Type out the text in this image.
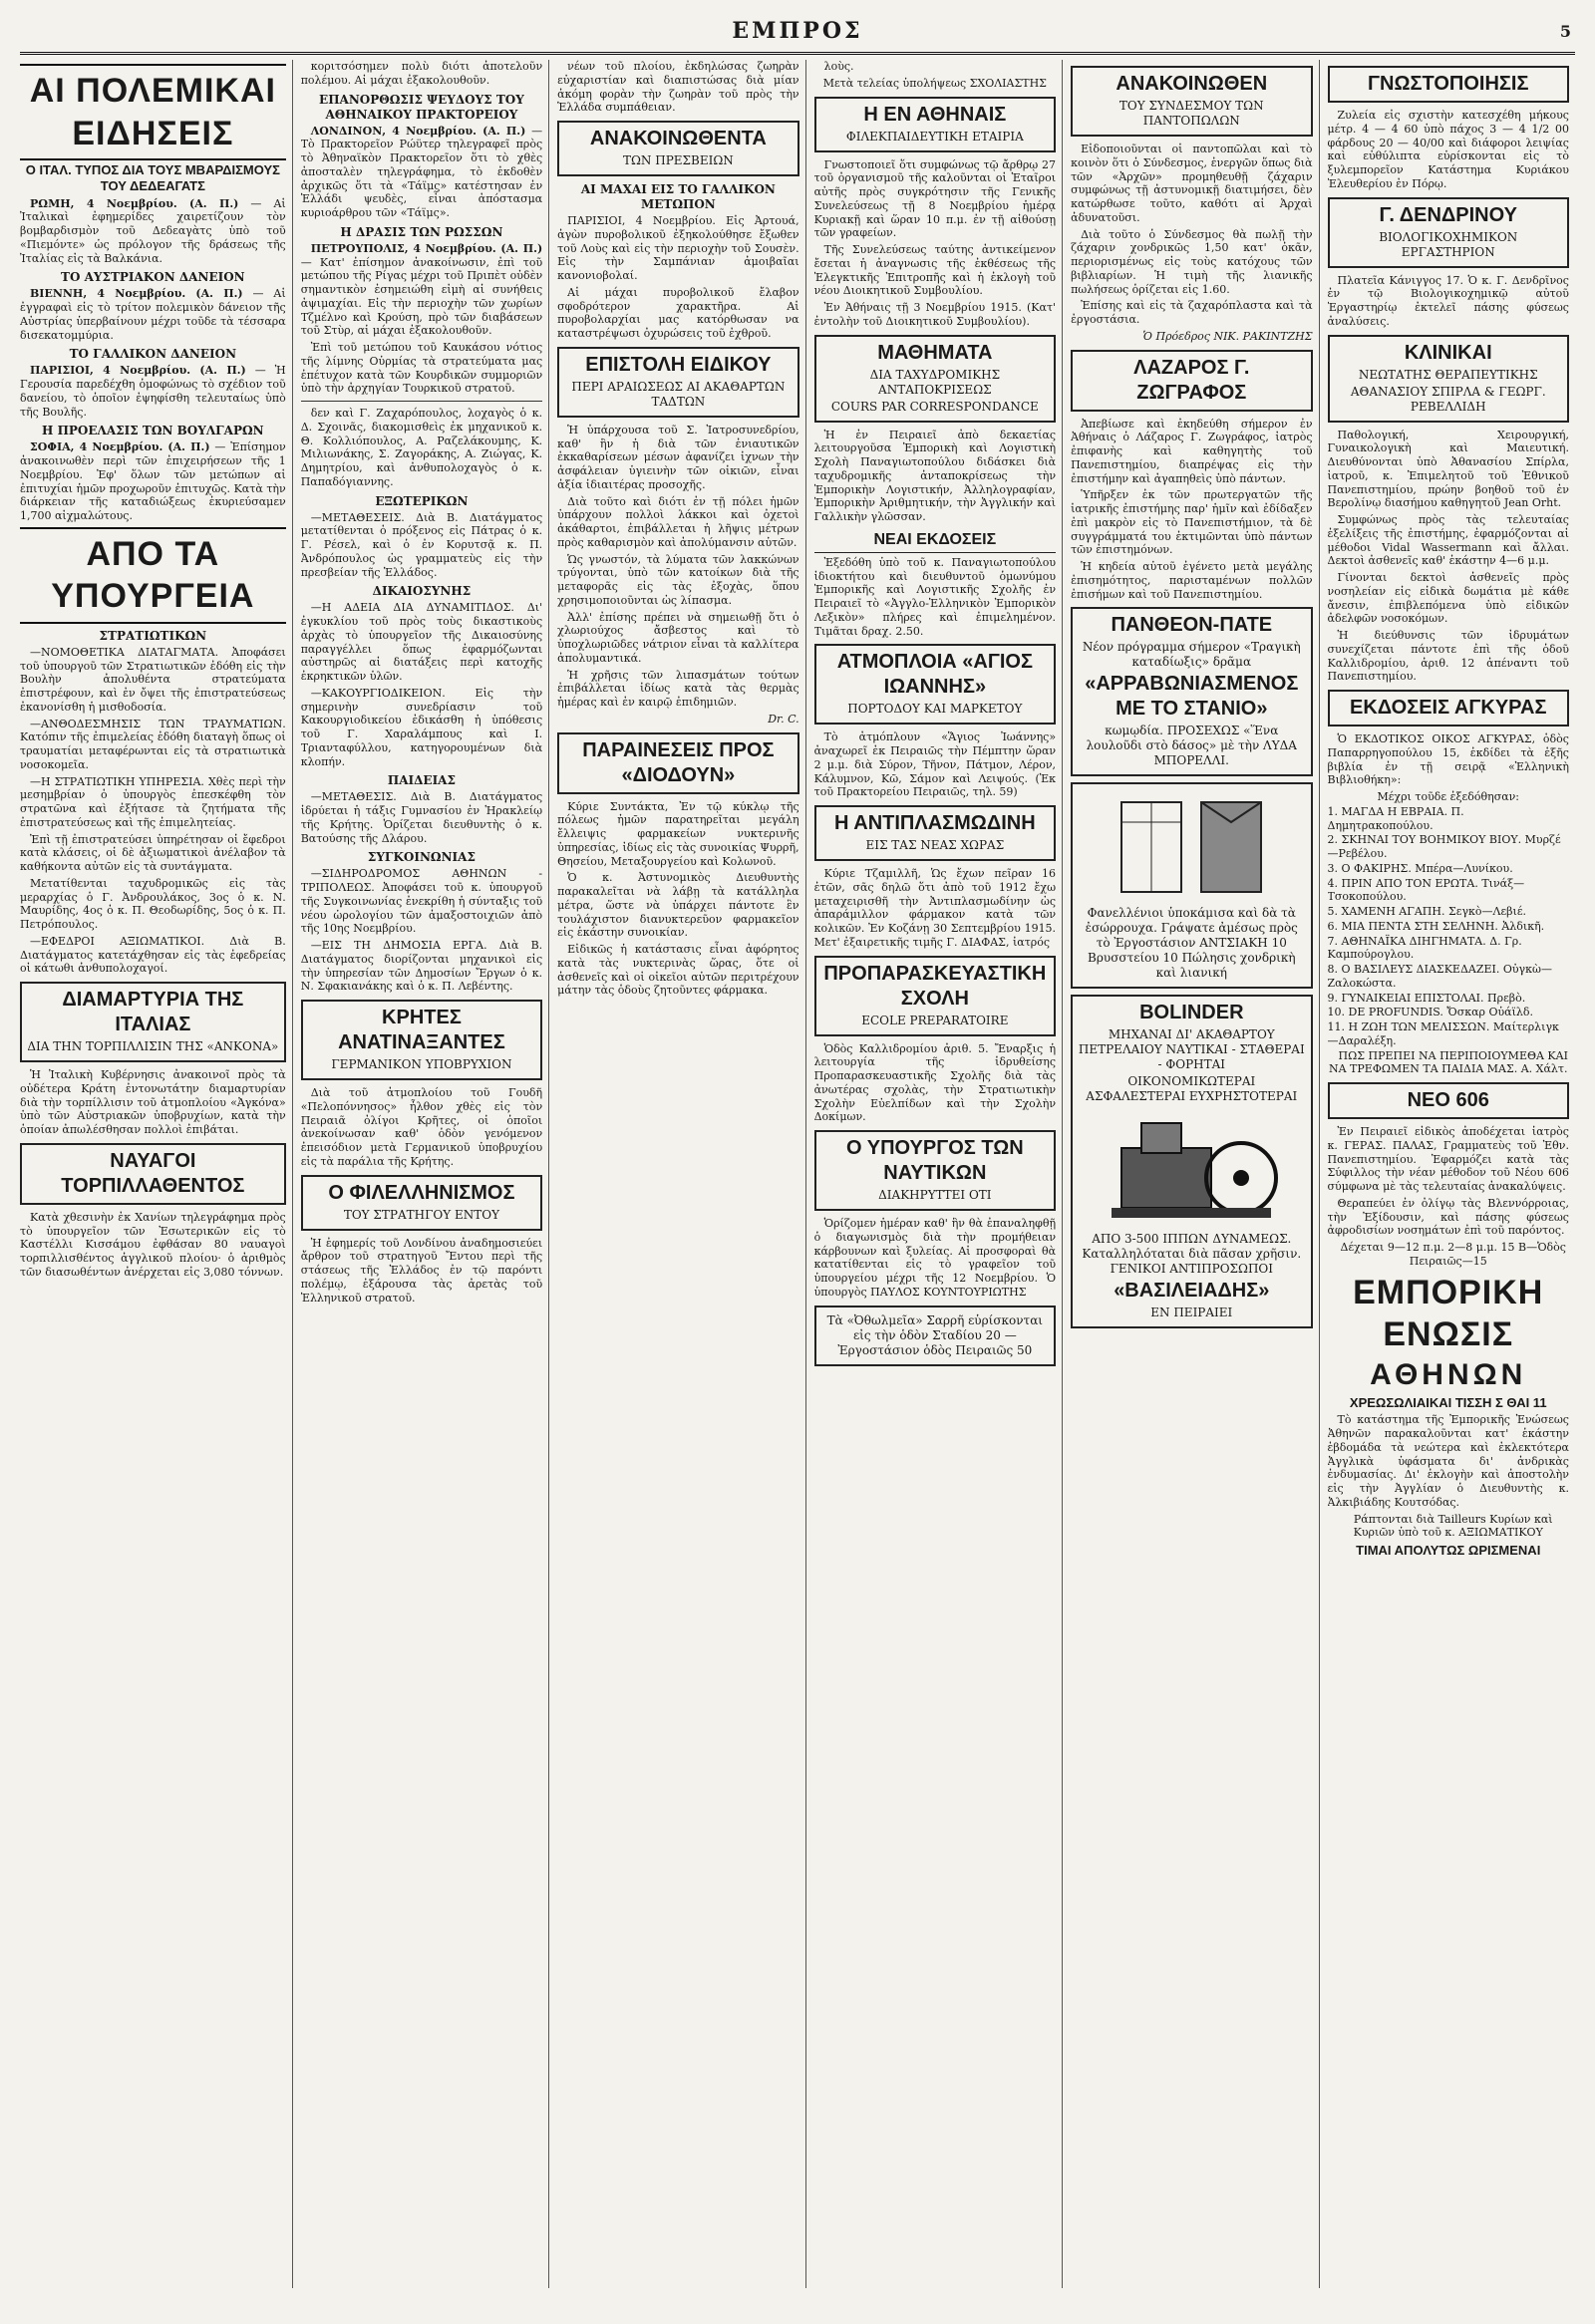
ΕΜΠΡΟΣ	5
ΑΙ ΠΟΛΕΜΙΚΑΙ ΕΙΔΗΣΕΙΣ
Ο ΙΤΑΛ. ΤΥΠΟΣ ΔΙΑ ΤΟΥΣ ΜΒΑΡΔΙΣΜΟΥΣ ΤΟΥ ΔΕΔΕΑΓΑΤΣ

ΡΩΜΗ, 4 Νοεμβρίου. (Α. Π.) — Αἱ Ἰταλικαὶ ἐφημερίδες χαιρετίζουν τὸν βομβαρδισμὸν τοῦ Δεδεαγὰτς ὑπὸ τοῦ «Πιεμόντε» ὡς πρόλογον τῆς δράσεως τῆς Ἰταλίας εἰς τὰ Βαλκάνια.

ΤΟ ΑΥΣΤΡΙΑΚΟΝ ΔΑΝΕΙΟΝ

ΒΙΕΝΝΗ, 4 Νοεμβρίου. (Α. Π.) — Αἱ ἐγγραφαὶ εἰς τὸ τρίτον πολεμικὸν δάνειον τῆς Αὐστρίας ὑπερβαίνουν μέχρι τοῦδε τὰ τέσσαρα δισεκατομμύρια.

ΤΟ ΓΑΛΛΙΚΟΝ ΔΑΝΕΙΟΝ

ΠΑΡΙΣΙΟΙ, 4 Νοεμβρίου. (Α. Π.) — Ἡ Γερουσία παρεδέχθη ὁμοφώνως τὸ σχέδιον τοῦ δανείου, τὸ ὁποῖον ἐψηφίσθη τελευταίως ὑπὸ τῆς Βουλῆς.

Η ΠΡΟΕΛΑΣΙΣ ΤΩΝ ΒΟΥΛΓΑΡΩΝ

ΣΟΦΙΑ, 4 Νοεμβρίου. (Α. Π.) — Ἐπίσημον ἀνακοινωθὲν περὶ τῶν ἐπιχειρήσεων τῆς 1 Νοεμβρίου. Ἐφ' ὅλων τῶν μετώπων αἱ ἐπιτυχίαι ἡμῶν προχωροῦν ἐπιτυχῶς. Κατὰ τὴν διάρκειαν τῆς καταδιώξεως ἐκυριεύσαμεν 1,700 αἰχμαλώτους.

ΑΠΟ ΤΑ ΥΠΟΥΡΓΕΙΑ
ΣΤΡΑΤΙΩΤΙΚΩΝ

—ΝΟΜΟΘΕΤΙΚΑ ΔΙΑΤΑΓΜΑΤΑ. Ἀποφάσει τοῦ ὑπουργοῦ τῶν Στρατιωτικῶν ἐδόθη εἰς τὴν Βουλὴν ἀπολυθέντα στρατεύματα ἐπιστρέφουν, καὶ ἐν ὄψει τῆς ἐπιστρατεύσεως ἐκανονίσθη ἡ μισθοδοσία.

—ΑΝΘΟΔΕΣΜΗΣΙΣ ΤΩΝ ΤΡΑΥΜΑΤΙΩΝ. Κατόπιν τῆς ἐπιμελείας ἐδόθη διαταγὴ ὅπως οἱ τραυματίαι μεταφέρωνται εἰς τὰ στρατιωτικὰ νοσοκομεῖα.

—Η ΣΤΡΑΤΙΩΤΙΚΗ ΥΠΗΡΕΣΙΑ. Χθὲς περὶ τὴν μεσημβρίαν ὁ ὑπουργὸς ἐπεσκέφθη τὸν στρατῶνα καὶ ἐξήτασε τὰ ζητήματα τῆς ἐπιστρατεύσεως καὶ τῆς ἐπιμελητείας.

Ἐπὶ τῇ ἐπιστρατεύσει ὑπηρέτησαν οἱ ἔφεδροι κατὰ κλάσεις, οἱ δὲ ἀξιωματικοὶ ἀνέλαβον τὰ καθήκοντα αὐτῶν εἰς τὰ συντάγματα.

Μετατίθενται ταχυδρομικῶς εἰς τὰς μεραρχίας ὁ Γ. Ἀνδρουλάκος, 3ος ὁ κ. Ν. Μαυρίδης, 4ος ὁ κ. Π. Θεοδωρίδης, 5ος ὁ κ. Π. Πετρόπουλος.

—ΕΦΕΔΡΟΙ ΑΞΙΩΜΑΤΙΚΟΙ. Διὰ Β. Διατάγματος κατετάχθησαν εἰς τὰς ἐφεδρείας οἱ κάτωθι ἀνθυπολοχαγοί.

ΔΙΑΜΑΡΤΥΡΙΑ ΤΗΣ ΙΤΑΛΙΑΣ
ΔΙΑ ΤΗΝ ΤΟΡΠΙΛΛΙΣΙΝ ΤΗΣ «ΑΝΚΟΝΑ»

Ἡ Ἰταλικὴ Κυβέρνησις ἀνακοινοῖ πρὸς τὰ οὐδέτερα Κράτη ἐντονωτάτην διαμαρτυρίαν διὰ τὴν τορπίλλισιν τοῦ ἀτμοπλοίου «Ἀγκόνα» ὑπὸ τῶν Αὐστριακῶν ὑποβρυχίων, κατὰ τὴν ὁποίαν ἀπωλέσθησαν πολλοὶ ἐπιβάται.

ΝΑΥΑΓΟΙ ΤΟΡΠΙΛΛΑΘΕΝΤΟΣ

Κατὰ χθεσινὴν ἐκ Χανίων τηλεγράφημα πρὸς τὸ ὑπουργεῖον τῶν Ἐσωτερικῶν εἰς τὸ Καστέλλι Κισσάμου ἐφθάσαν 80 ναυαγοὶ τορπιλλισθέντος ἀγγλικοῦ πλοίου· ὁ ἀριθμὸς τῶν διασωθέντων ἀνέρχεται εἰς 3,080 τόννων.

κοριτσόσημεν πολὺ διότι ἀποτελοῦν πολέμου. Αἱ μάχαι ἐξακολουθοῦν.

ΕΠΑΝΟΡΘΩΣΙΣ ΨΕΥΔΟΥΣ ΤΟΥ ΑΘΗΝΑΙΚΟΥ ΠΡΑΚΤΟΡΕΙΟΥ

ΛΟΝΔΙΝΟΝ, 4 Νοεμβρίου. (Α. Π.) — Τὸ Πρακτορεῖον Ρώϋτερ τηλεγραφεῖ πρὸς τὸ Ἀθηναϊκὸν Πρακτορεῖον ὅτι τὸ χθὲς ἀποσταλὲν τηλεγράφημα, τὸ ἐκδοθὲν ἀρχικῶς ὅτι τὰ «Τάϊμς» κατέστησαν ἐν Ἑλλάδι ψευδὲς, εἶναι ἀπόστασμα κυριοάρθρου τῶν «Τάϊμς».

Η ΔΡΑΣΙΣ ΤΩΝ ΡΩΣΣΩΝ

ΠΕΤΡΟΥΠΟΛΙΣ, 4 Νοεμβρίου. (Α. Π.) — Κατ' ἐπίσημον ἀνακοίνωσιν, ἐπὶ τοῦ μετώπου τῆς Ρίγας μέχρι τοῦ Πριπὲτ οὐδὲν σημαντικὸν ἐσημειώθη εἰμὴ αἱ συνήθεις ἀψιμαχίαι. Εἰς τὴν περιοχὴν τῶν χωρίων Τζμέλνο καὶ Κρούση, πρὸ τῶν διαβάσεων τοῦ Στὺρ, αἱ μάχαι ἐξακολουθοῦν.

Ἐπὶ τοῦ μετώπου τοῦ Καυκάσου νότιος τῆς λίμνης Οὐρμίας τὰ στρατεύματα μας ἐπέτυχον κατὰ τῶν Κουρδικῶν συμμοριῶν ὑπὸ τὴν ἀρχηγίαν Τουρκικοῦ στρατοῦ.

δεν καὶ Γ. Ζαχαρόπουλος, λοχαγὸς ὁ κ. Δ. Σχοινᾶς, διακομισθεὶς ἐκ μηχανικοῦ κ. Θ. Κολλιόπουλος, Α. Ραζελάκουμης, Κ. Μιλιωνάκης, Σ. Ζαγοράκης, Α. Ζιώγας, Κ. Δημητρίου, καὶ ἀνθυπολοχαγὸς ὁ κ. Παπαδόγιαννης.

ΕΞΩΤΕΡΙΚΩΝ

—ΜΕΤΑΘΕΣΕΙΣ. Διὰ Β. Διατάγματος μετατίθενται ὁ πρόξενος εἰς Πάτρας ὁ κ. Γ. Ρέσελ, καὶ ὁ ἐν Κορυτσᾷ κ. Π. Ἀνδρόπουλος ὡς γραμματεὺς εἰς τὴν πρεσβείαν τῆς Ἑλλάδος.

ΔΙΚΑΙΟΣΥΝΗΣ

—Η ΑΔΕΙΑ ΔΙΑ ΔΥΝΑΜΙΤΙΔΟΣ. Δι' ἐγκυκλίου τοῦ πρὸς τοὺς δικαστικοὺς ἀρχὰς τὸ ὑπουργεῖον τῆς Δικαιοσύνης παραγγέλλει ὅπως ἐφαρμόζωνται αὐστηρῶς αἱ διατάξεις περὶ κατοχῆς ἐκρηκτικῶν ὑλῶν.

—ΚΑΚΟΥΡΓΙΟΔΙΚΕΙΟΝ. Εἰς τὴν σημερινὴν συνεδρίασιν τοῦ Κακουργιοδικείου ἐδικάσθη ἡ ὑπόθεσις τοῦ Γ. Χαραλάμπους καὶ Ι. Τριανταφύλλου, κατηγορουμένων διὰ κλοπήν.

ΠΑΙΔΕΙΑΣ

—ΜΕΤΑΘΕΣΙΣ. Διὰ Β. Διατάγματος ἱδρύεται ἡ τάξις Γυμνασίου ἐν Ἡρακλείῳ τῆς Κρήτης. Ὁρίζεται διευθυντὴς ὁ κ. Βατούσης τῆς Δλάρου.

ΣΥΓΚΟΙΝΩΝΙΑΣ

—ΣΙΔΗΡΟΔΡΟΜΟΣ ΑΘΗΝΩΝ - ΤΡΙΠΟΛΕΩΣ. Ἀποφάσει τοῦ κ. ὑπουργοῦ τῆς Συγκοινωνίας ἐνεκρίθη ἡ σύνταξις τοῦ νέου ὡρολογίου τῶν ἁμαξοστοιχιῶν ἀπὸ τῆς 10ης Νοεμβρίου.

—ΕΙΣ ΤΗ ΔΗΜΟΣΙΑ ΕΡΓΑ. Διὰ Β. Διατάγματος διορίζονται μηχανικοὶ εἰς τὴν ὑπηρεσίαν τῶν Δημοσίων Ἔργων ὁ κ. Ν. Σφακιανάκης καὶ ὁ κ. Π. Λεβέντης.

ΚΡΗΤΕΣ ΑΝΑΤΙΝΑΞΑΝΤΕΣ
ΓΕΡΜΑΝΙΚΟΝ ΥΠΟΒΡΥΧΙΟΝ

Διὰ τοῦ ἀτμοπλοίου τοῦ Γουδῆ «Πελοπόννησος» ἦλθον χθὲς εἰς τὸν Πειραιᾶ ὀλίγοι Κρῆτες, οἱ ὁποῖοι ἀνεκοίνωσαν καθ' ὁδὸν γενόμενον ἐπεισόδιον μετὰ Γερμανικοῦ ὑποβρυχίου εἰς τὰ παράλια τῆς Κρήτης.

Ο ΦΙΛΕΛΛΗΝΙΣΜΟΣ
ΤΟΥ ΣΤΡΑΤΗΓΟΥ ΕΝΤΟΥ

Ἡ ἐφημερίς τοῦ Λονδίνου ἀναδημοσιεύει ἄρθρον τοῦ στρατηγοῦ Ἔντου περὶ τῆς στάσεως τῆς Ἑλλάδος ἐν τῷ παρόντι πολέμῳ, ἐξάρουσα τὰς ἀρετὰς τοῦ Ἑλληνικοῦ στρατοῦ.

νέων τοῦ πλοίου, ἐκδηλώσας ζωηρὰν εὐχαριστίαν καὶ διαπιστώσας διὰ μίαν ἀκόμη φορὰν τὴν ζωηρὰν τοῦ πρὸς τὴν Ἑλλάδα συμπάθειαν.

ΑΝΑΚΟΙΝΩΘΕΝΤΑ
ΤΩΝ ΠΡΕΣΒΕΙΩΝ
ΑΙ ΜΑΧΑΙ ΕΙΣ ΤΟ ΓΑΛΛΙΚΟΝ ΜΕΤΩΠΟΝ

ΠΑΡΙΣΙΟΙ, 4 Νοεμβρίου. Εἰς Ἀρτουά, ἀγὼν πυροβολικοῦ ἐξηκολούθησε ἔξωθεν τοῦ Λοὺς καὶ εἰς τὴν περιοχὴν τοῦ Σουσὲν. Εἰς τὴν Σαμπάνιαν ἀμοιβαῖαι κανονιοβολαί.

Αἱ μάχαι πυροβολικοῦ ἔλαβον σφοδρότερον χαρακτῆρα. Αἱ πυροβολαρχίαι μας κατόρθωσαν να καταστρέψωσι ὀχυρώσεις τοῦ ἐχθροῦ.

ΕΠΙΣΤΟΛΗ ΕΙΔΙΚΟΥ
ΠΕΡΙ ΑΡΑΙΩΣΕΩΣ ΑΙ ΑΚΑΘΑΡΤΩΝ ΤΑΔΤΩΝ

Ἡ ὑπάρχουσα τοῦ Σ. Ἰατροσυνεδρίου, καθ' ἣν ἡ διὰ τῶν ἐνιαυτικῶν ἐκκαθαρίσεων μέσων ἀφανίζει ἰχνων τὴν ἀσφάλειαν ὑγιεινὴν τῶν οἰκιῶν, εἶναι ἀξία ἰδιαιτέρας προσοχῆς.

Διὰ τοῦτο καὶ διότι ἐν τῇ πόλει ἡμῶν ὑπάρχουν πολλοὶ λάκκοι καὶ ὀχετοὶ ἀκάθαρτοι, ἐπιβάλλεται ἡ λῆψις μέτρων πρὸς καθαρισμὸν καὶ ἀπολύμανσιν αὐτῶν.

Ὡς γνωστόν, τὰ λύματα τῶν λακκώνων τρύγονται, ὑπὸ τῶν κατοίκων διὰ τῆς μεταφορᾶς εἰς τὰς ἐξοχὰς, ὅπου χρησιμοποιοῦνται ὡς λίπασμα.

Ἀλλ' ἐπίσης πρέπει νὰ σημειωθῇ ὅτι ὁ χλωριούχος ἄσβεστος καὶ τὸ ὑποχλωριῶδες νάτριον εἶναι τὰ καλλίτερα ἀπολυμαντικά.

Ἡ χρῆσις τῶν λιπασμάτων τούτων ἐπιβάλλεται ἰδίως κατὰ τὰς θερμὰς ἡμέρας καὶ ἐν καιρῷ ἐπιδημιῶν.

Dr. C.
ΠΑΡΑΙΝΕΣΕΙΣ ΠΡΟΣ «ΔΙΟΔΟΥΝ»

Κύριε Συντάκτα, Ἐν τῷ κύκλῳ τῆς πόλεως ἡμῶν παρατηρεῖται μεγάλη ἔλλειψις φαρμακείων νυκτερινῆς ὑπηρεσίας, ἰδίως εἰς τὰς συνοικίας Ψυρρῆ, Θησείου, Μεταξουργείου καὶ Κολωνοῦ.

Ὁ κ. Ἀστυνομικὸς Διευθυντὴς παρακαλεῖται νὰ λάβῃ τὰ κατάλληλα μέτρα, ὥστε νὰ ὑπάρχει πάντοτε ἓν τουλάχιστον διανυκτερεῦον φαρμακεῖον εἰς ἑκάστην συνοικίαν.

Εἰδικῶς ἡ κατάστασις εἶναι ἀφόρητος κατὰ τὰς νυκτερινὰς ὥρας, ὅτε οἱ ἀσθενεῖς καὶ οἱ οἰκεῖοι αὐτῶν περιτρέχουν μάτην τὰς ὁδοὺς ζητοῦντες φάρμακα.

λοὺς.

Μετὰ τελείας ὑπολήψεως ΣΧΟΛΙΑΣΤΗΣ
Η ΕΝ ΑΘΗΝΑΙΣ
ΦΙΛΕΚΠΑΙΔΕΥΤΙΚΗ ΕΤΑΙΡΙΑ

Γνωστοποιεῖ ὅτι συμφώνως τῷ ἄρθρῳ 27 τοῦ ὀργανισμοῦ τῆς καλοῦνται οἱ Ἑταῖροι αὐτῆς πρὸς συγκρότησιν τῆς Γενικῆς Συνελεύσεως τῇ 8 Νοεμβρίου ἡμέρᾳ Κυριακῇ καὶ ὥραν 10 π.μ. ἐν τῇ αἰθούσῃ τῶν γραφείων.

Τῆς Συνελεύσεως ταύτης ἀντικείμενον ἔσεται ἡ ἀναγνωσις τῆς ἐκθέσεως τῆς Ἐλεγκτικῆς Ἐπιτροπῆς καὶ ἡ ἐκλογὴ τοῦ νέου Διοικητικοῦ Συμβουλίου.

Ἐν Ἀθήναις τῇ 3 Νοεμβρίου 1915. (Κατ' ἐντολὴν τοῦ Διοικητικοῦ Συμβουλίου).

ΜΑΘΗΜΑΤΑ
ΔΙΑ ΤΑΧΥΔΡΟΜΙΚΗΣ ΑΝΤΑΠΟΚΡΙΣΕΩΣ
COURS PAR CORRESPONDANCE

Ἡ ἐν Πειραιεῖ ἀπὸ δεκαετίας λειτουργοῦσα Ἐμπορικὴ καὶ Λογιστικὴ Σχολὴ Παναγιωτοπούλου διδάσκει διὰ ταχυδρομικῆς ἀνταποκρίσεως τὴν Ἐμπορικὴν Λογιστικήν, Ἀλληλογραφίαν, Ἐμπορικὴν Ἀριθμητικήν, τὴν Ἀγγλικήν καὶ Γαλλικὴν γλῶσσαν.

ΝΕΑΙ ΕΚΔΟΣΕΙΣ

Ἐξεδόθη ὑπὸ τοῦ κ. Παναγιωτοπούλου ἰδιοκτήτου καὶ διευθυντοῦ ὁμωνύμου Ἐμπορικῆς καὶ Λογιστικῆς Σχολῆς ἐν Πειραιεῖ τὸ «Ἀγγλο-Ἑλληνικὸν Ἐμπορικὸν Λεξικὸν» πλήρες καὶ ἐπιμελημένον. Τιμᾶται δραχ. 2.50.

ΑΤΜΟΠΛΟΙΑ «ΑΓΙΟΣ ΙΩΑΝΝΗΣ»
ΠΟΡΤΟΔΟΥ ΚΑΙ ΜΑΡΚΕΤΟΥ

Τὸ ἀτμόπλουν «Ἅγιος Ἰωάννης» ἀναχωρεῖ ἐκ Πειραιῶς τὴν Πέμπτην ὥραν 2 μ.μ. διὰ Σύρον, Τῆνον, Πάτμον, Λέρον, Κάλυμνον, Κῶ, Σάμον καὶ Λειψούς. (Ἐκ τοῦ Πρακτορείου Πειραιῶς, τηλ. 59)

Η ΑΝΤΙΠΛΑΣΜΩΔΙΝΗ
ΕΙΣ ΤΑΣ ΝΕΑΣ ΧΩΡΑΣ

Κύριε Τζαμιλλῆ, Ὡς ἔχων πεῖραν 16 ἐτῶν, σᾶς δηλῶ ὅτι ἀπὸ τοῦ 1912 ἔχω μεταχειρισθῆ τὴν Ἀντιπλασμωδίνην ὡς ἀπαράμιλλον φάρμακον κατὰ τῶν κολικῶν. Ἐν Κοζάνῃ 30 Σεπτεμβρίου 1915. Μετ' ἐξαιρετικῆς τιμῆς Γ. ΔΙΑΦΑΣ, ἰατρός

ΠΡΟΠΑΡΑΣΚΕΥΑΣΤΙΚΗ ΣΧΟΛΗ
ECOLE PREPARATOIRE

Ὁδὸς Καλλιδρομίου ἀριθ. 5. Ἔναρξις ἡ λειτουργία τῆς ἱδρυθείσης Προπαρασκευαστικῆς Σχολῆς διὰ τὰς ἀνωτέρας σχολὰς, τὴν Στρατιωτικὴν Σχολὴν Εὐελπίδων καὶ τὴν Σχολὴν Δοκίμων.

Ο ΥΠΟΥΡΓΟΣ ΤΩΝ ΝΑΥΤΙΚΩΝ
ΔΙΑΚΗΡΥΤΤΕΙ ΟΤΙ

Ὁρίζομεν ἡμέραν καθ' ἣν θὰ ἐπαναληφθῇ ὁ διαγωνισμὸς διὰ τὴν προμήθειαν κάρβουνων καὶ ξυλείας. Αἱ προσφοραὶ θὰ κατατίθενται εἰς τὸ γραφεῖον τοῦ ὑπουργείου μέχρι τῆς 12 Νοεμβρίου. Ὁ ὑπουργὸς ΠΑΥΛΟΣ ΚΟΥΝΤΟΥΡΙΩΤΗΣ

Τὰ «Ὀθωλμεῖα» Σαρρῆ εὑρίσκονται εἰς τὴν ὁδὸν Σταδίου 20 — Ἐργοστάσιον ὁδὸς Πειραιῶς 50
ΑΝΑΚΟΙΝΩΘΕΝ
ΤΟΥ ΣΥΝΔΕΣΜΟΥ ΤΩΝ ΠΑΝΤΟΠΩΛΩΝ

Εἰδοποιοῦνται οἱ παντοπῶλαι καὶ τὸ κοινὸν ὅτι ὁ Σύνδεσμος, ἐνεργῶν ὅπως διὰ τῶν «Ἀρχῶν» προμηθευθῇ ζάχαριν συμφώνως τῇ ἀστυνομικῇ διατιμήσει, δὲν κατώρθωσε τοῦτο, καθότι αἱ Ἀρχαὶ ἀδυνατοῦσι.

Διὰ τοῦτο ὁ Σύνδεσμος θὰ πωλῇ τὴν ζάχαριν χονδρικῶς 1,50 κατ' ὀκᾶν, περιορισμένως εἰς τοὺς κατόχους τῶν βιβλιαρίων. Ἡ τιμὴ τῆς λιανικῆς πωλήσεως ὁρίζεται εἰς 1.60.

Ἐπίσης καὶ εἰς τὰ ζαχαρόπλαστα καὶ τὰ ἐργοστάσια.

Ὁ Πρόεδρος ΝΙΚ. ΡΑΚΙΝΤΖΗΣ
ΛΑΖΑΡΟΣ Γ. ΖΩΓΡΑΦΟΣ

Ἀπεβίωσε καὶ ἐκηδεύθη σήμερον ἐν Ἀθήναις ὁ Λάζαρος Γ. Ζωγράφος, ἰατρὸς ἐπιφανὴς καὶ καθηγητὴς τοῦ Πανεπιστημίου, διαπρέψας εἰς τὴν ἐπιστήμην καὶ ἀγαπηθεὶς ὑπὸ πάντων.

Ὑπῆρξεν ἐκ τῶν πρωτεργατῶν τῆς ἰατρικῆς ἐπιστήμης παρ' ἡμῖν καὶ ἐδίδαξεν ἐπὶ μακρὸν εἰς τὸ Πανεπιστήμιον, τὰ δὲ συγγράμματά του ἐκτιμῶνται ὑπὸ πάντων τῶν ἐπιστημόνων.

Ἡ κηδεία αὐτοῦ ἐγένετο μετὰ μεγάλης ἐπισημότητος, παρισταμένων πολλῶν ἐπισήμων καὶ τοῦ Πανεπιστημίου.

ΠΑΝΘΕΟΝ-ΠΑΤΕ
Νέον πρόγραμμα σήμερον «Τραγικὴ καταδίωξις» δρᾶμα
«ΑΡΡΑΒΩΝΙΑΣΜΕΝΟΣ ΜΕ ΤΟ ΣΤΑΝΙΟ»
κωμῳδία. ΠΡΟΣΕΧΩΣ «Ἕνα λουλοῦδι στὸ δάσος» μὲ τὴν ΛΥΔΑ ΜΠΟΡΕΛΛΙ.
Φανελλένιοι ὑποκάμισα καὶ δὰ τὰ ἐσώρρουχα. Γράψατε ἀμέσως πρὸς τὸ Ἐργοστάσιον ΑΝΤΣΙΑΚΗ 10 Βρυσστείου 10 Πώλησις χονδρικὴ καὶ λιανική
BOLINDER
ΜΗΧΑΝΑΙ ΔΙ' ΑΚΑΘΑΡΤΟΥ ΠΕΤΡΕΛΑΙΟΥ ΝΑΥΤΙΚΑΙ - ΣΤΑΘΕΡΑΙ - ΦΟΡΗΤΑΙ
ΟΙΚΟΝΟΜΙΚΩΤΕΡΑΙ ΑΣΦΑΛΕΣΤΕΡΑΙ ΕΥΧΡΗΣΤΟΤΕΡΑΙ
ΑΠΟ 3-500 ΙΠΠΩΝ ΔΥΝΑΜΕΩΣ. Καταλληλόταται διὰ πᾶσαν χρῆσιν. ΓΕΝΙΚΟΙ ΑΝΤΙΠΡΟΣΩΠΟΙ
«ΒΑΣΙΛΕΙΑΔΗΣ»
ΕΝ ΠΕΙΡΑΙΕΙ
ΓΝΩΣΤΟΠΟΙΗΣΙΣ

Ζυλεία εἰς σχιστὴν κατεσχέθη μήκους μέτρ. 4 — 4 60 ὑπὸ πάχος 3 — 4 1/2 00 φάρδους 20 — 40/00 καὶ διάφοροι λειψίας καὶ εὑθύλιπτα εὑρίσκονται εἰς τὸ ξυλεμπορεῖον Κατάστημα Κυριάκου Ἐλευθερίου ἐν Πόρῳ.

Γ. ΔΕΝΔΡΙΝΟΥ
ΒΙΟΛΟΓΙΚΟΧΗΜΙΚΟΝ ΕΡΓΑΣΤΗΡΙΟΝ

Πλατεῖα Κάνιγγος 17. Ὁ κ. Γ. Δενδρῖνος ἐν τῷ Βιολογικοχημικῷ αὐτοῦ Ἐργαστηρίῳ ἐκτελεῖ πάσης φύσεως ἀναλύσεις.

ΚΛΙΝΙΚΑΙ
ΝΕΩΤΑΤΗΣ ΘΕΡΑΠΕΥΤΙΚΗΣ
ΑΘΑΝΑΣΙΟΥ ΣΠΙΡΛΑ & ΓΕΩΡΓ. ΡΕΒΕΛΛΙΔΗ

Παθολογική, Χειρουργική, Γυναικολογικὴ καὶ Μαιευτική. Διευθύνονται ὑπὸ Ἀθανασίου Σπίρλα, ἰατροῦ, κ. Ἐπιμελητοῦ τοῦ Ἐθνικοῦ Πανεπιστημίου, πρώην βοηθοῦ τοῦ ἐν Βερολίνῳ διασήμου καθηγητοῦ Jean Orht.

Συμφώνως πρὸς τὰς τελευταίας ἐξελίξεις τῆς ἐπιστήμης, ἐφαρμόζονται αἱ μέθοδοι Vidal Wassermann καὶ ἄλλαι. Δεκτοὶ ἀσθενεῖς καθ' ἑκάστην 4—6 μ.μ.

Γίνονται δεκτοὶ ἀσθενεῖς πρὸς νοσηλείαν εἰς εἰδικὰ δωμάτια μὲ κάθε ἄνεσιν, ἐπιβλεπόμενα ὑπὸ εἰδικῶν ἀδελφῶν νοσοκόμων.

Ἡ διεύθυνσις τῶν ἰδρυμάτων συνεχίζεται πάντοτε ἐπὶ τῆς ὁδοῦ Καλλιδρομίου, ἀριθ. 12 ἀπέναντι τοῦ Πανεπιστημίου.

ΕΚΔΟΣΕΙΣ ΑΓΚΥΡΑΣ

Ὁ ΕΚΔΟΤΙΚΟΣ ΟΙΚΟΣ ΑΓΚΥΡΑΣ, ὁδὸς Παπαρρηγοπούλου 15, ἐκδίδει τὰ ἑξῆς βιβλία ἐν τῇ σειρᾷ «Ἑλληνικὴ Βιβλιοθήκη»:

Μέχρι τοῦδε ἐξεδόθησαν:
1. ΜΑΓΔΑ Η ΕΒΡΑΙΑ. Π. Δημητρακοπούλου.
2. ΣΚΗΝΑΙ ΤΟΥ ΒΟΗΜΙΚΟΥ ΒΙΟΥ. Μυρζέ—Ρεβέλου.
3. Ο ΦΑΚΙΡΗΣ. Μπέρα—Λυνίκου.
4. ΠΡΙΝ ΑΠΟ ΤΟΝ ΕΡΩΤΑ. Τινάξ—Τσοκοπούλου.
5. ΧΑΜΕΝΗ ΑΓΑΠΗ. Σεγκὸ—Λεβιέ.
6. ΜΙΑ ΠΕΝΤΑ ΣΤΗ ΣΕΛΗΝΗ. Ἀλδικῆ.
7. ΑΘΗΝΑΪΚΑ ΔΙΗΓΗΜΑΤΑ. Δ. Γρ. Καμπούρογλου.
8. Ο ΒΑΣΙΛΕΥΣ ΔΙΑΣΚΕΔΑΖΕΙ. Οὐγκὼ—Ζαλοκώστα.
9. ΓΥΝΑΙΚΕΙΑΙ ΕΠΙΣΤΟΛΑΙ. Πρεβὸ.
10. DE PROFUNDIS. Ὄσκαρ Οὐάϊλδ.
11. Η ΖΩΗ ΤΩΝ ΜΕΛΙΣΣΩΝ. Μαίτερλιγκ—Δαραλέξη.

ΠΩΣ ΠΡΕΠΕΙ ΝΑ ΠΕΡΙΠΟΙΟΥΜΕΘΑ ΚΑΙ ΝΑ ΤΡΕΦΩΜΕΝ ΤΑ ΠΑΙΔΙΑ ΜΑΣ. Α. Χάλτ.

ΝΕΟ 606

Ἐν Πειραιεῖ εἰδικὸς ἀποδέχεται ἰατρὸς κ. ΓΕΡΑΣ. ΠΑΛΑΣ, Γραμματεὺς τοῦ Ἐθν. Πανεπιστημίου. Ἐφαρμόζει κατὰ τὰς Σύφιλλος τὴν νέαν μέθοδον τοῦ Νέου 606 σύμφωνα μὲ τὰς τελευταίας ἀνακαλύψεις.

Θεραπεύει ἐν ὀλίγῳ τὰς Βλεννόρροιας, τὴν Ἐξίδουσιν, καὶ πάσης φύσεως ἀφροδισίων νοσημάτων ἐπὶ τοῦ παρόντος.

Δέχεται 9—12 π.μ. 2—8 μ.μ. 15 Β—Ὁδὸς Πειραιῶς—15

ΕΜΠΟΡΙΚΗ ΕΝΩΣΙΣ
ΑΘΗΝΩΝ
ΧΡΕΩΣΩΛΙΑΙΚΑΙ ΤΙΣΣΗ Σ ΘΑΙ 11

Τὸ κατάστημα τῆς Ἐμπορικῆς Ἑνώσεως Ἀθηνῶν παρακαλοῦνται κατ' ἑκάστην ἑβδομάδα τὰ νεώτερα καὶ ἐκλεκτότερα Ἀγγλικὰ ὑφάσματα δι' ἀνδρικὰς ἐνδυμασίας. Δι' ἐκλογὴν καὶ ἀποστολὴν εἰς τὴν Ἀγγλίαν ὁ Διευθυντὴς κ. Ἀλκιβιάδης Κουτσόδας.

Ράπτονται διὰ Tailleurs Κυρίων καὶ Κυριῶν ὑπὸ τοῦ κ. ΑΞΙΩΜΑΤΙΚΟΥ

ΤΙΜΑΙ ΑΠΟΛΥΤΩΣ ΩΡΙΣΜΕΝΑΙ
